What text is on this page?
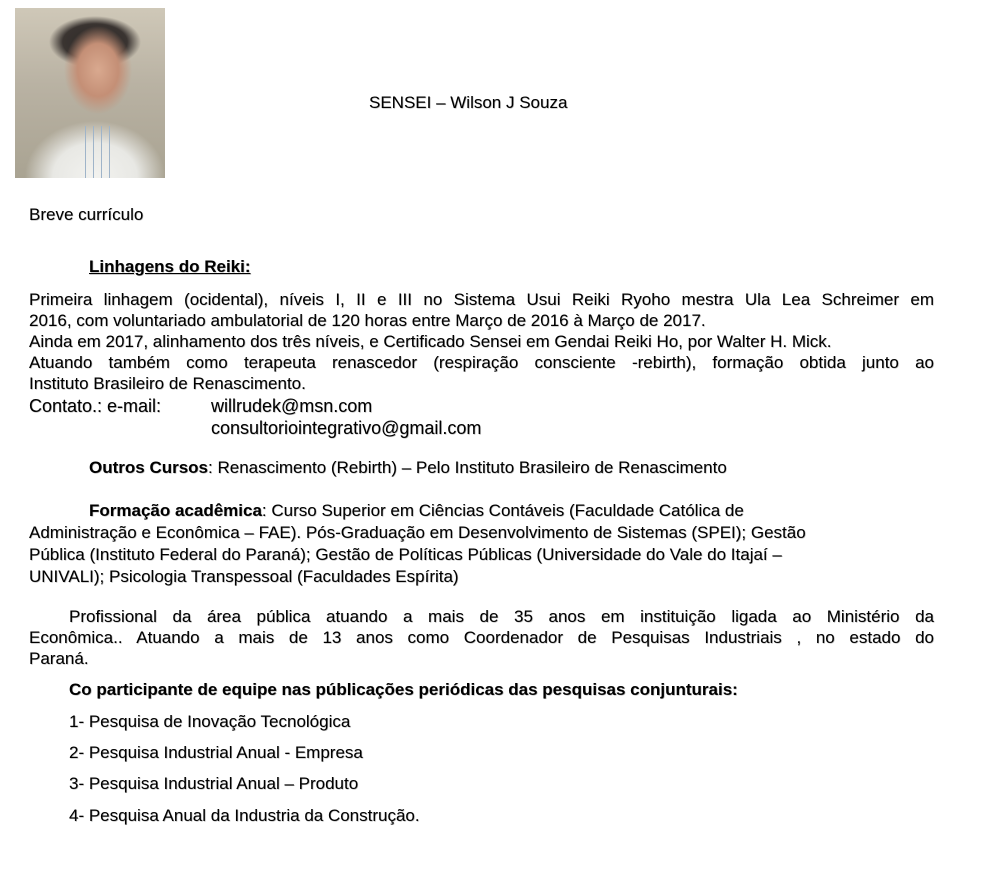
SENSEI – Wilson J Souza
Breve currículo
Linhagens do Reiki:
Primeira linhagem (ocidental), níveis I, II e III no Sistema Usui Reiki Ryoho mestra Ula Lea Schreimer em
2016, com voluntariado ambulatorial de 120 horas entre Março de 2016 à Março de 2017.
Ainda em 2017, alinhamento dos três níveis, e Certificado Sensei em Gendai Reiki Ho, por Walter H. Mick.
Atuando também como terapeuta renascedor (respiração consciente -rebirth), formação obtida junto ao
Instituto Brasileiro de Renascimento.
Contato.: e-mail:	willrudek@msn.com
consultoriointegrativo@gmail.com
Outros Cursos: Renascimento (Rebirth) – Pelo Instituto Brasileiro de Renascimento
Formação acadêmica: Curso Superior em Ciências Contáveis (Faculdade Católica de
Administração e Econômica – FAE). Pós-Graduação em Desenvolvimento de Sistemas (SPEI); Gestão
Pública (Instituto Federal do Paraná); Gestão de Políticas Públicas (Universidade do Vale do Itajaí –
UNIVALI); Psicologia Transpessoal (Faculdades Espírita)
Profissional da área pública atuando a mais de 35 anos em instituição ligada ao Ministério da
Econômica.. Atuando a mais de 13 anos como Coordenador de Pesquisas Industriais , no estado do
Paraná.
Co participante de equipe nas públicações periódicas das pesquisas conjunturais:
1- Pesquisa de Inovação Tecnológica
2- Pesquisa Industrial Anual - Empresa
3- Pesquisa Industrial Anual – Produto
4- Pesquisa Anual da Industria da Construção.
